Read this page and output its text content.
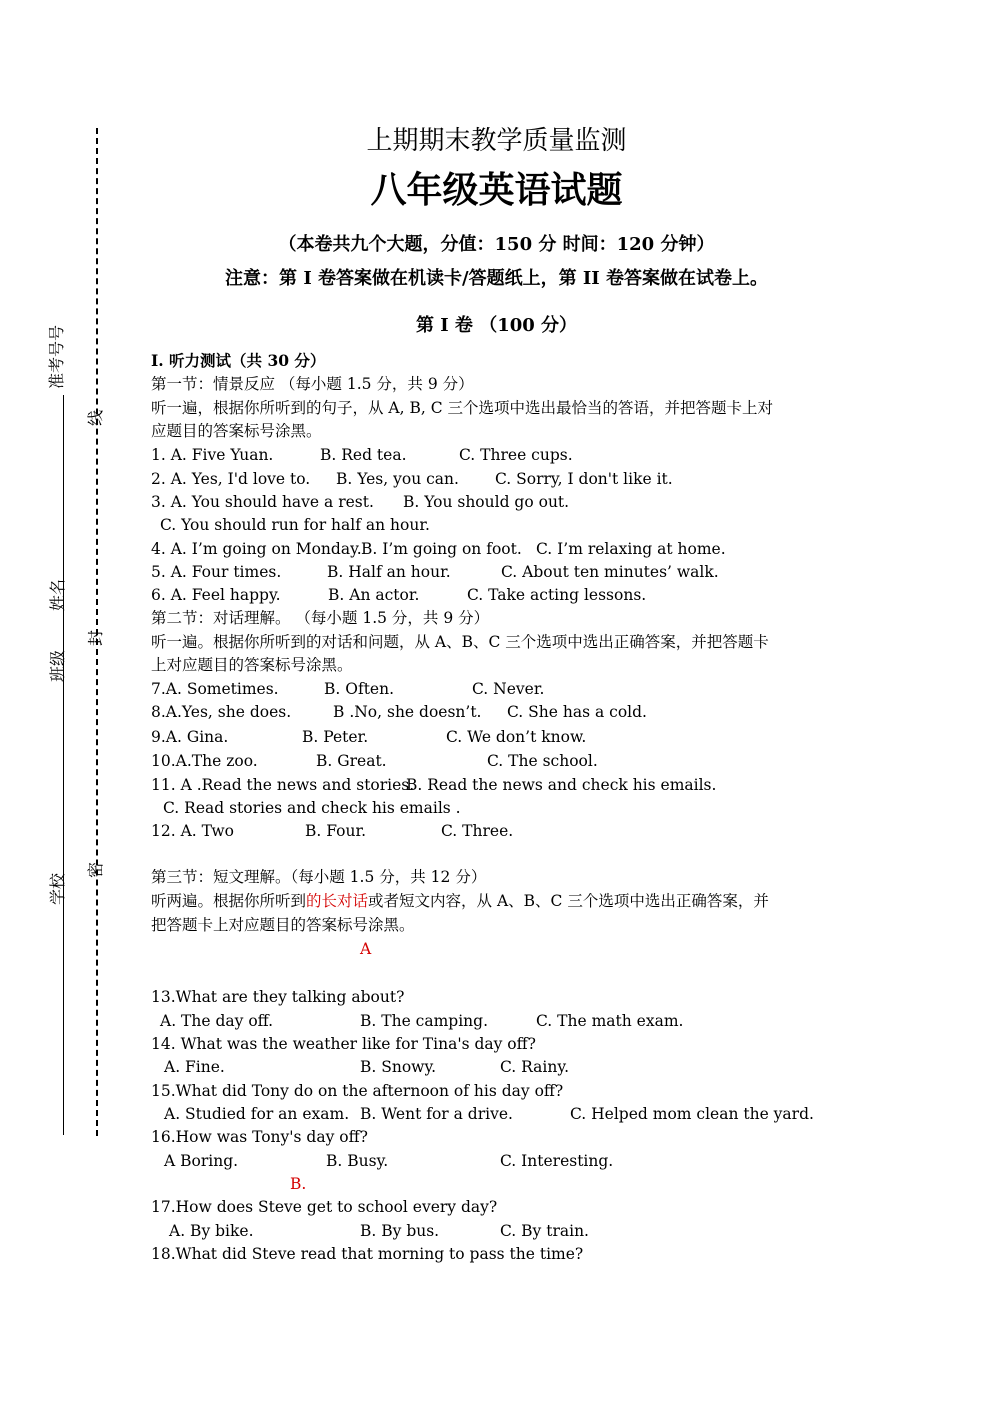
准考号号
线
姓名
封
班级
密
学校
上期期末教学质量监测
八年级英语试题
（本卷共九个大题，分值：150 分 时间：120 分钟）
注意：第 I 卷答案做在机读卡/答题纸上，第 II 卷答案做在试卷上。
第 I 卷 （100 分）
I. 听力测试（共 30 分）
第一节：情景反应 （每小题 1.5 分，共 9 分）
听一遍，根据你所听到的句子，从 A, B, C 三个选项中选出最恰当的答语，并把答题卡上对
应题目的答案标号涂黑。
1. A. Five Yuan.	B. Red tea.	C. Three cups.
2. A. Yes, I'd love to. B. Yes, you can. C. Sorry, I don't like it.
3. A. You should have a rest. B. You should go out.
C. You should run for half an hour.
4. A. I’m going on Monday. B. I’m going on foot. C. I’m relaxing at home.
5. A. Four times.	B. Half an hour.	C. About ten minutes’ walk.
6. A. Feel happy.	B. An actor.	C. Take acting lessons.
第二节：对话理解。 （每小题 1.5 分，共 9 分）
听一遍。根据你所听到的对话和问题，从 A、B、C 三个选项中选出正确答案，并把答题卡
上对应题目的答案标号涂黑。
7.A. Sometimes.	B. Often.	C. Never.
8.A.Yes, she does.	B .No, she doesn’t. C. She has a cold.
9.A. Gina.	B. Peter.	C. We don’t know.
10.A.The zoo.	B. Great.	C. The school.
11. A .Read the news and stories.
B. Read the news and check his emails.
C. Read stories and check his emails .
12. A. Two	B. Four.	C. Three.
第三节：短文理解。（每小题 1.5 分，共 12 分）
听两遍。根据你所听到的长对话或者短文内容，从 A、B、C 三个选项中选出正确答案，并
把答题卡上对应题目的答案标号涂黑。
A
13.What are they talking about?
A. The day off.	B. The camping.	C. The math exam.
14. What was the weather like for Tina's day off?
A. Fine.	B. Snowy.	C. Rainy.
15.What did Tony do on the afternoon of his day off?
A. Studied for an exam. B. Went for a drive.	C. Helped mom clean the yard.
16.How was Tony's day off?
A Boring.	B. Busy.	C. Interesting.
B.
17.How does Steve get to school every day?
A. By bike.	B. By bus.	C. By train.
18.What did Steve read that morning to pass the time?
